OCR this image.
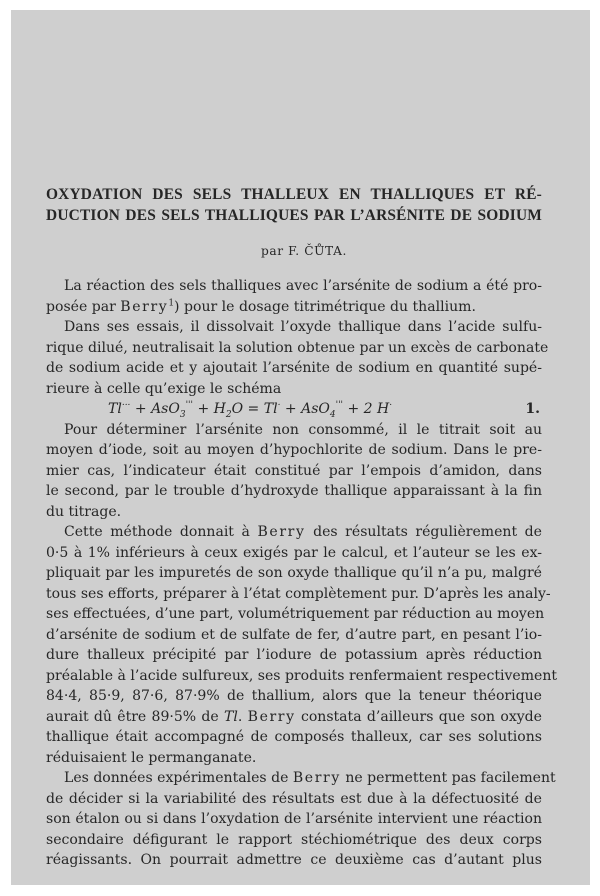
OXYDATION DES SELS THALLEUX EN THALLIQUES ET RÉ-
DUCTION DES SELS THALLIQUES PAR L’ARSÉNITE DE SODIUM
par F. ČŮTA.
La réaction des sels thalliques avec l’arsénite de sodium a été pro-
posée par Berry$^1$) pour le dosage titrimétrique du thallium.
Dans ses essais, il dissolvait l’oxyde thallique dans l’acide sulfu-
rique dilué, neutralisait la solution obtenue par un excès de carbonate
de sodium acide et y ajoutait l’arsénite de sodium en quantité supé-
rieure à celle qu’exige le schéma
$Tl^{\cdot\cdot\cdot} + AsO_3''' + H_2O = Tl^\cdot + AsO_4''' + 2$ H·	1.
Pour déterminer l’arsénite non consommé, il le titrait soit au
moyen d’iode, soit au moyen d’hypochlorite de sodium. Dans le pre-
mier cas, l’indicateur était constitué par l’empois d’amidon, dans
le second, par le trouble d’hydroxyde thallique apparaissant à la fin
du titrage.
Cette méthode donnait à Berry des résultats régulièrement de
0·5 à 1% inférieurs à ceux exigés par le calcul, et l’auteur se les ex-
pliquait par les impuretés de son oxyde thallique qu’il n’a pu, malgré
tous ses efforts, préparer à l’état complètement pur. D’après les analy-
ses effectuées, d’une part, volumétriquement par réduction au moyen
d’arsénite de sodium et de sulfate de fer, d’autre part, en pesant l’io-
dure thalleux précipité par l’iodure de potassium après réduction
préalable à l’acide sulfureux, ses produits renfermaient respectivement
84·4, 85·9, 87·6, 87·9% de thallium, alors que la teneur théorique
aurait dû être 89·5% de Tl. Berry constata d’ailleurs que son oxyde
thallique était accompagné de composés thalleux, car ses solutions
réduisaient le permanganate.
Les données expérimentales de Berry ne permettent pas facilement
de décider si la variabilité des résultats est due à la défectuosité de
son étalon ou si dans l’oxydation de l’arsénite intervient une réaction
secondaire défigurant le rapport stéchiométrique des deux corps
réagissants. On pourrait admettre ce deuxième cas d’autant plus
